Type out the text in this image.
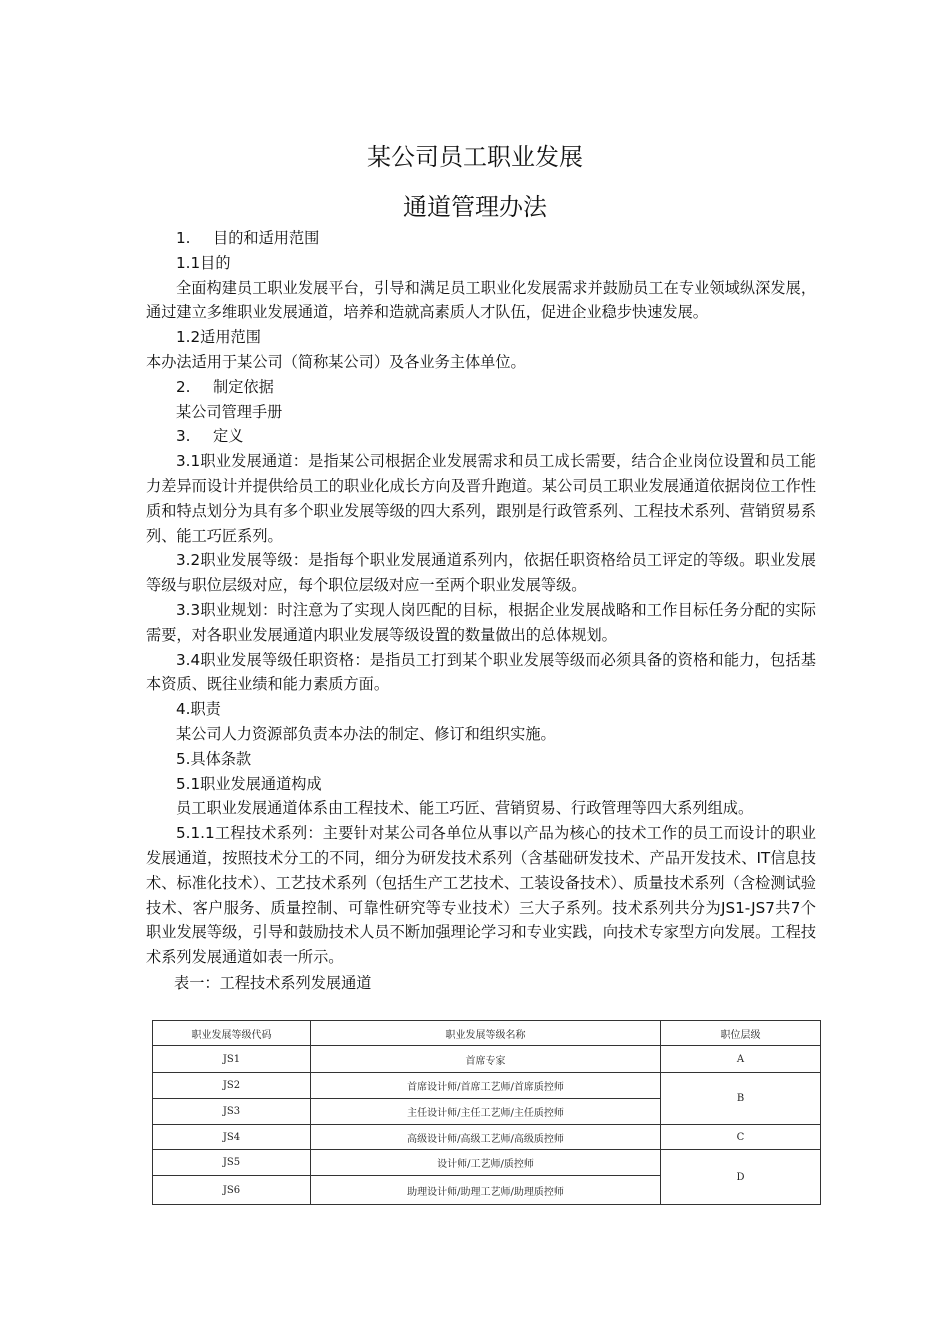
某公司员工职业发展
通道管理办法

1. 目的和适用范围

1.1目的

全面构建员工职业发展平台，引导和满足员工职业化发展需求并鼓励员工在专业领域纵深发展，通过建立多维职业发展通道，培养和造就高素质人才队伍，促进企业稳步快速发展。

1.2适用范围

本办法适用于某公司（简称某公司）及各业务主体单位。

2. 制定依据

某公司管理手册

3. 定义

3.1职业发展通道：是指某公司根据企业发展需求和员工成长需要，结合企业岗位设置和员工能力差异而设计并提供给员工的职业化成长方向及晋升跑道。某公司员工职业发展通道依据岗位工作性质和特点划分为具有多个职业发展等级的四大系列，跟别是行政管系列、工程技术系列、营销贸易系列、能工巧匠系列。

3.2职业发展等级：是指每个职业发展通道系列内，依据任职资格给员工评定的等级。职业发展等级与职位层级对应，每个职位层级对应一至两个职业发展等级。

3.3职业规划：时注意为了实现人岗匹配的目标，根据企业发展战略和工作目标任务分配的实际需要，对各职业发展通道内职业发展等级设置的数量做出的总体规划。

3.4职业发展等级任职资格：是指员工打到某个职业发展等级而必须具备的资格和能力，包括基本资质、既往业绩和能力素质方面。

4.职责

某公司人力资源部负责本办法的制定、修订和组织实施。

5.具体条款

5.1职业发展通道构成

员工职业发展通道体系由工程技术、能工巧匠、营销贸易、行政管理等四大系列组成。

5.1.1工程技术系列：主要针对某公司各单位从事以产品为核心的技术工作的员工而设计的职业发展通道，按照技术分工的不同，细分为研发技术系列（含基础研发技术、产品开发技术、IT信息技术、标准化技术）、工艺技术系列（包括生产工艺技术、工装设备技术）、质量技术系列（含检测试验技术、客户服务、质量控制、可靠性研究等专业技术）三大子系列。技术系列共分为JS1-JS7共7个职业发展等级，引导和鼓励技术人员不断加强理论学习和专业实践，向技术专家型方向发展。工程技术系列发展通道如表一所示。

表一：工程技术系列发展通道

职业发展等级代码	职业发展等级名称	职位层级
JS1	首席专家	A
JS2	首席设计师/首席工艺师/首席质控师	B
JS3	主任设计师/主任工艺师/主任质控师	
JS4	高级设计师/高级工艺师/高级质控师	C
JS5	设计师/工艺师/质控师	D
JS6	助理设计师/助理工艺师/助理质控师	
